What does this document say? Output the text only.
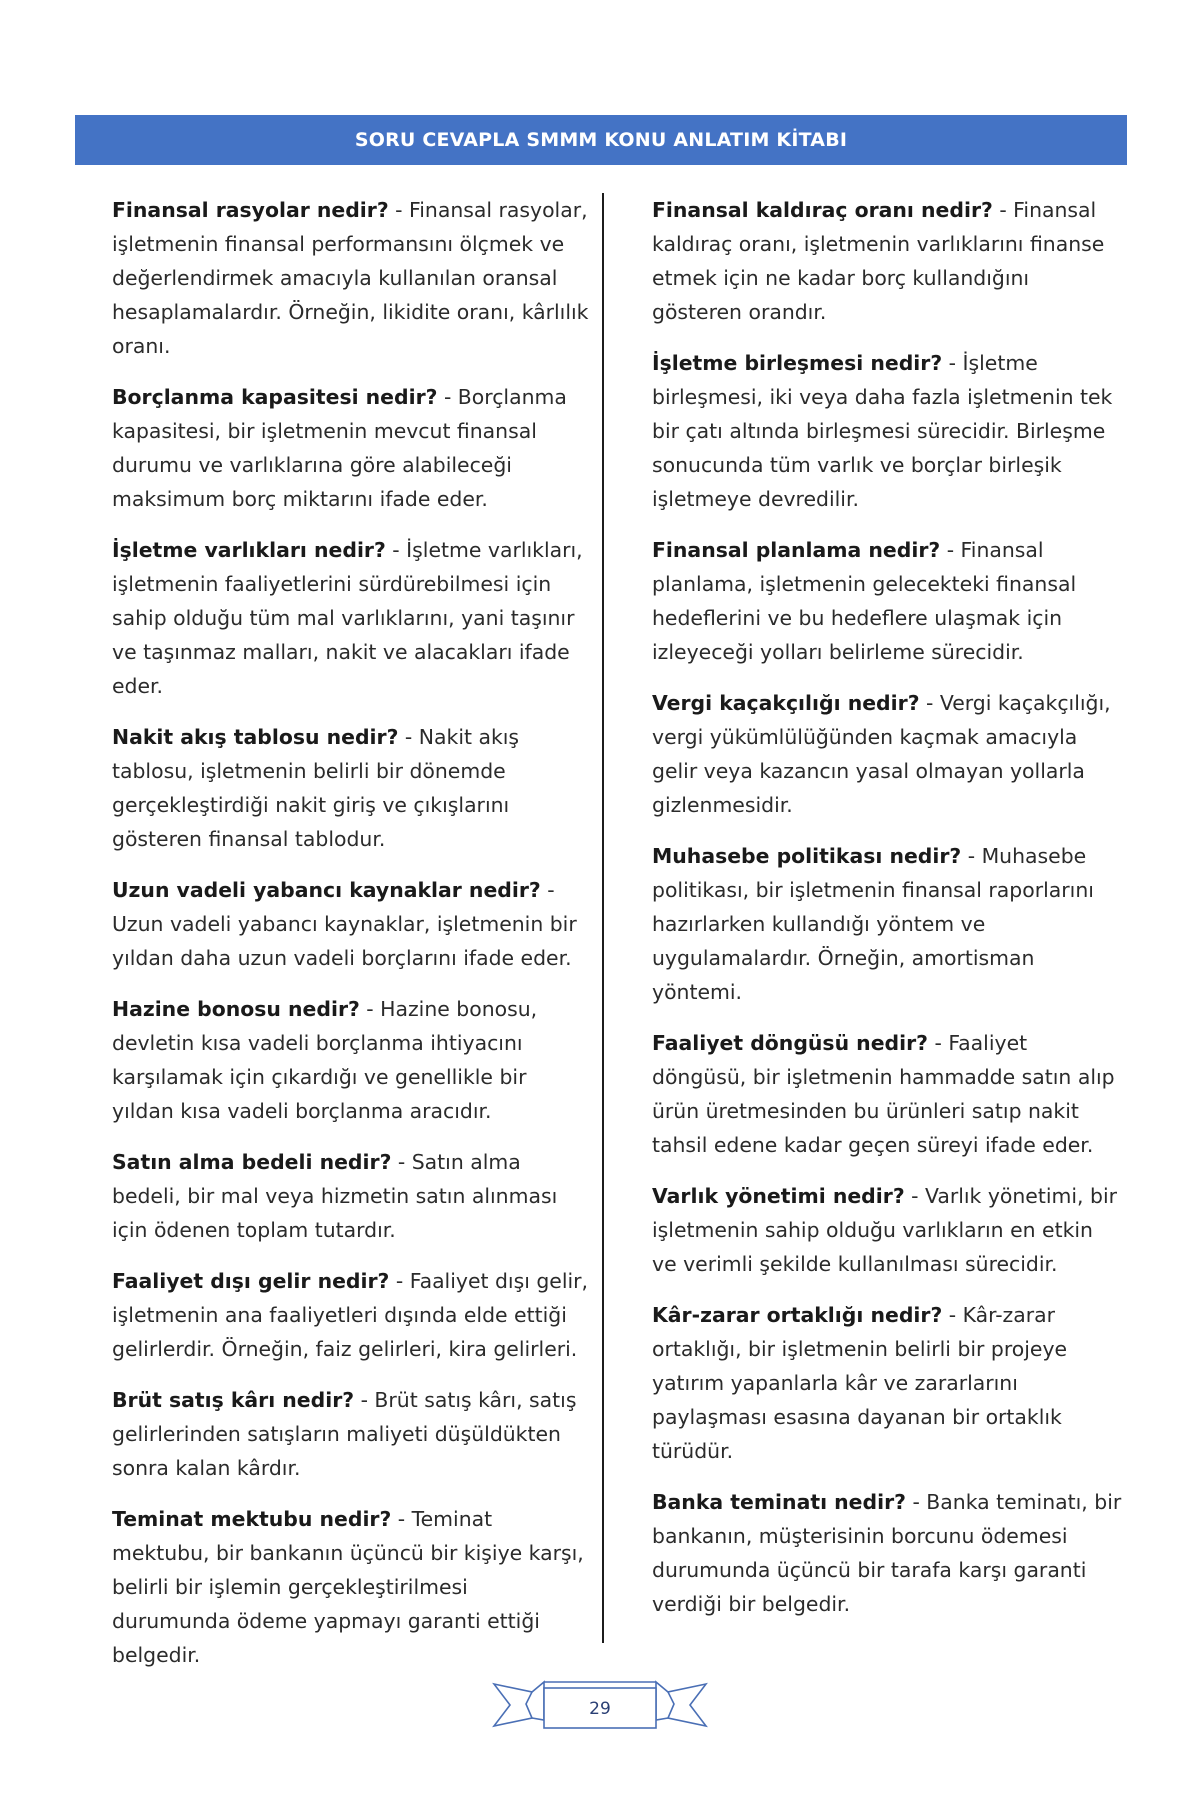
SORU CEVAPLA SMMM KONU ANLATIM KİTABI

Finansal rasyolar nedir? - Finansal rasyolar, işletmenin finansal performansını ölçmek ve değerlendirmek amacıyla kullanılan oransal hesaplamalardır. Örneğin, likidite oranı, kârlılık oranı.

Borçlanma kapasitesi nedir? - Borçlanma kapasitesi, bir işletmenin mevcut finansal durumu ve varlıklarına göre alabileceği maksimum borç miktarını ifade eder.

İşletme varlıkları nedir? - İşletme varlıkları, işletmenin faaliyetlerini sürdürebilmesi için sahip olduğu tüm mal varlıklarını, yani taşınır ve taşınmaz malları, nakit ve alacakları ifade eder.

Nakit akış tablosu nedir? - Nakit akış tablosu, işletmenin belirli bir dönemde gerçekleştirdiği nakit giriş ve çıkışlarını gösteren finansal tablodur.

Uzun vadeli yabancı kaynaklar nedir? - Uzun vadeli yabancı kaynaklar, işletmenin bir yıldan daha uzun vadeli borçlarını ifade eder.

Hazine bonosu nedir? - Hazine bonosu, devletin kısa vadeli borçlanma ihtiyacını karşılamak için çıkardığı ve genellikle bir yıldan kısa vadeli borçlanma aracıdır.

Satın alma bedeli nedir? - Satın alma bedeli, bir mal veya hizmetin satın alınması için ödenen toplam tutardır.

Faaliyet dışı gelir nedir? - Faaliyet dışı gelir, işletmenin ana faaliyetleri dışında elde ettiği gelirlerdir. Örneğin, faiz gelirleri, kira gelirleri.

Brüt satış kârı nedir? - Brüt satış kârı, satış gelirlerinden satışların maliyeti düşüldükten sonra kalan kârdır.

Teminat mektubu nedir? - Teminat mektubu, bir bankanın üçüncü bir kişiye karşı, belirli bir işlemin gerçekleştirilmesi durumunda ödeme yapmayı garanti ettiği belgedir.

Finansal kaldıraç oranı nedir? - Finansal kaldıraç oranı, işletmenin varlıklarını finanse etmek için ne kadar borç kullandığını gösteren orandır.

İşletme birleşmesi nedir? - İşletme birleşmesi, iki veya daha fazla işletmenin tek bir çatı altında birleşmesi sürecidir. Birleşme sonucunda tüm varlık ve borçlar birleşik işletmeye devredilir.

Finansal planlama nedir? - Finansal planlama, işletmenin gelecekteki finansal hedeflerini ve bu hedeflere ulaşmak için izleyeceği yolları belirleme sürecidir.

Vergi kaçakçılığı nedir? - Vergi kaçakçılığı, vergi yükümlülüğünden kaçmak amacıyla gelir veya kazancın yasal olmayan yollarla gizlenmesidir.

Muhasebe politikası nedir? - Muhasebe politikası, bir işletmenin finansal raporlarını hazırlarken kullandığı yöntem ve uygulamalardır. Örneğin, amortisman yöntemi.

Faaliyet döngüsü nedir? - Faaliyet döngüsü, bir işletmenin hammadde satın alıp ürün üretmesinden bu ürünleri satıp nakit tahsil edene kadar geçen süreyi ifade eder.

Varlık yönetimi nedir? - Varlık yönetimi, bir işletmenin sahip olduğu varlıkların en etkin ve verimli şekilde kullanılması sürecidir.

Kâr-zarar ortaklığı nedir? - Kâr-zarar ortaklığı, bir işletmenin belirli bir projeye yatırım yapanlarla kâr ve zararlarını paylaşması esasına dayanan bir ortaklık türüdür.

Banka teminatı nedir? - Banka teminatı, bir bankanın, müşterisinin borcunu ödemesi durumunda üçüncü bir tarafa karşı garanti verdiği bir belgedir.

29
